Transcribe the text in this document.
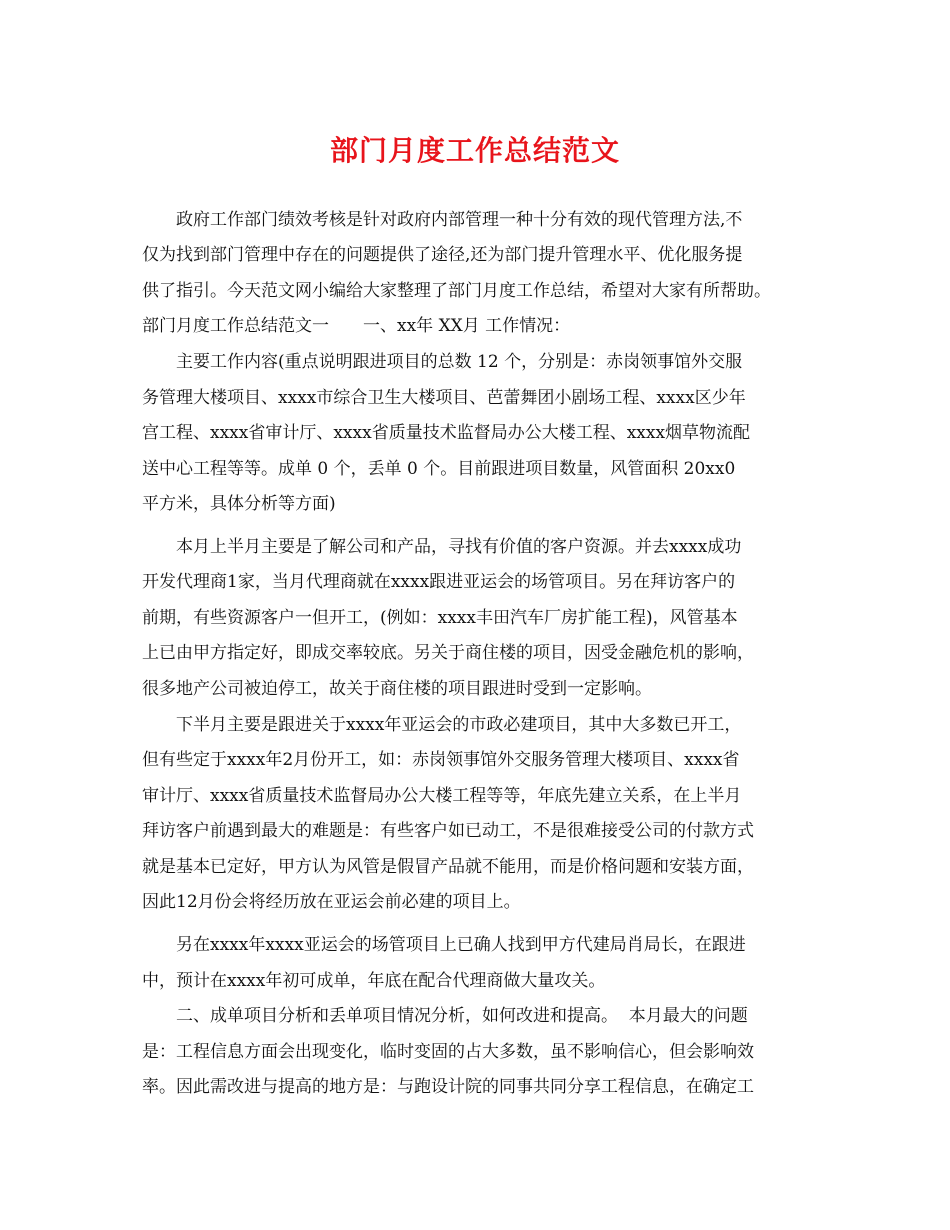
部门月度工作总结范文
政府工作部门绩效考核是针对政府内部管理一种十分有效的现代管理方法,不
仅为找到部门管理中存在的问题提供了途径,还为部门提升管理水平、优化服务提
供了指引。今天范文网小编给大家整理了部门月度工作总结，希望对大家有所帮助。
部门月度工作总结范文一　　一、xx年 XX月 工作情况：
主要工作内容(重点说明跟进项目的总数 12 个，分别是：赤岗领事馆外交服
务管理大楼项目、xxxx市综合卫生大楼项目、芭蕾舞团小剧场工程、xxxx区少年
宫工程、xxxx省审计厅、xxxx省质量技术监督局办公大楼工程、xxxx烟草物流配
送中心工程等等。成单 0 个，丢单 0 个。目前跟进项目数量，风管面积 20xx0
平方米，具体分析等方面)
本月上半月主要是了解公司和产品，寻找有价值的客户资源。并去xxxx成功
开发代理商1家，当月代理商就在xxxx跟进亚运会的场管项目。另在拜访客户的
前期，有些资源客户一但开工，(例如：xxxx丰田汽车厂房扩能工程)，风管基本
上已由甲方指定好，即成交率较底。另关于商住楼的项目，因受金融危机的影响，
很多地产公司被迫停工，故关于商住楼的项目跟进时受到一定影响。
下半月主要是跟进关于xxxx年亚运会的市政必建项目，其中大多数已开工，
但有些定于xxxx年2月份开工，如：赤岗领事馆外交服务管理大楼项目、xxxx省
审计厅、xxxx省质量技术监督局办公大楼工程等等，年底先建立关系，在上半月
拜访客户前遇到最大的难题是：有些客户如已动工，不是很难接受公司的付款方式
就是基本已定好，甲方认为风管是假冒产品就不能用，而是价格问题和安装方面，
因此12月份会将经历放在亚运会前必建的项目上。
另在xxxx年xxxx亚运会的场管项目上已确人找到甲方代建局肖局长，在跟进
中，预计在xxxx年初可成单，年底在配合代理商做大量攻关。
二、成单项目分析和丢单项目情况分析，如何改进和提高。  本月最大的问题
是：工程信息方面会出现变化，临时变固的占大多数，虽不影响信心，但会影响效
率。因此需改进与提高的地方是：与跑设计院的同事共同分享工程信息，在确定工
